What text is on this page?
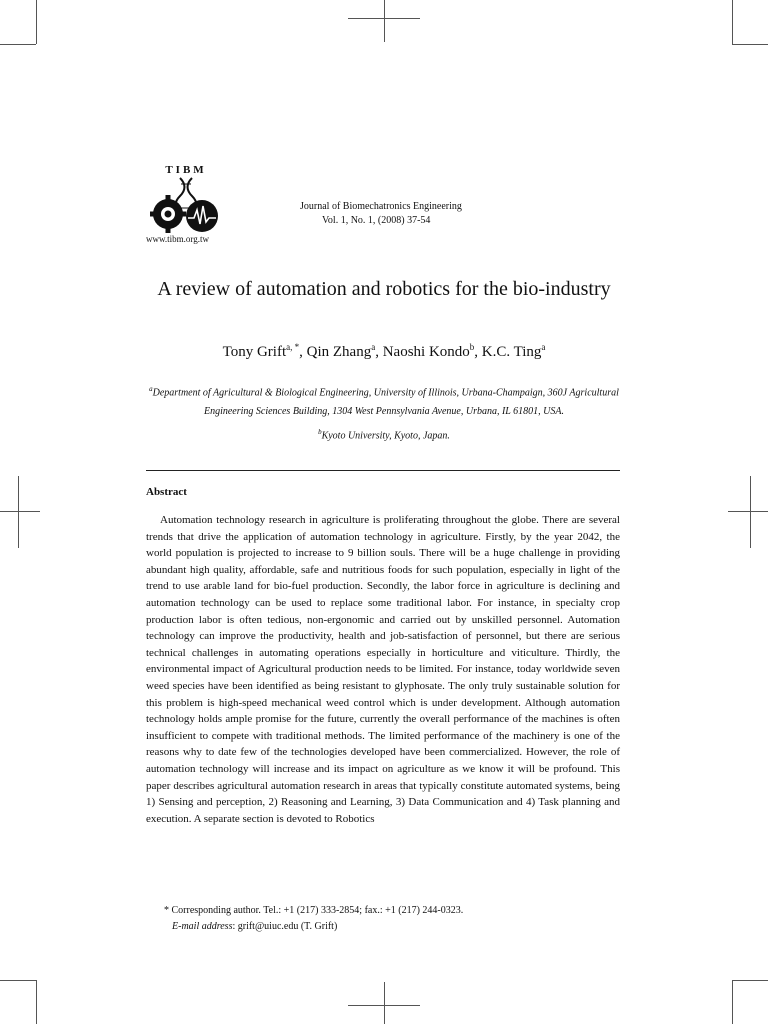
TIBM
www.tibm.org.tw
Journal of Biomechatronics Engineering
Vol. 1, No. 1, (2008) 37-54
A review of automation and robotics for the bio-industry
Tony Grift$^{a, *}$, Qin Zhang$^a$, Naoshi Kondo$^b$, K.C. Ting$^a$
$^a$Department of Agricultural & Biological Engineering, University of Illinois, Urbana-Champaign, 360J Agricultural Engineering Sciences Building, 1304 West Pennsylvania Avenue, Urbana, IL 61801, USA.
$^b$Kyoto University, Kyoto, Japan.
Abstract

Automation technology research in agriculture is proliferating throughout the globe. There are several trends that drive the application of automation technology in agriculture. Firstly, by the year 2042, the world population is projected to increase to 9 billion souls. There will be a huge challenge in providing abundant high quality, affordable, safe and nutritious foods for such population, especially in light of the trend to use arable land for bio-fuel production. Secondly, the labor force in agriculture is declining and automation technology can be used to replace some traditional labor. For instance, in specialty crop production labor is often tedious, non-ergonomic and carried out by unskilled personnel. Automation technology can improve the productivity, health and job-satisfaction of personnel, but there are serious technical challenges in automating operations especially in horticulture and viticulture. Thirdly, the environmental impact of Agricultural production needs to be limited. For instance, today worldwide seven weed species have been identified as being resistant to glyphosate. The only truly sustainable solution for this problem is high-speed mechanical weed control which is under development. Although automation technology holds ample promise for the future, currently the overall performance of the machines is often insufficient to compete with traditional methods. The limited performance of the machinery is one of the reasons why to date few of the technologies developed have been commercialized. However, the role of automation technology will increase and its impact on agriculture as we know it will be profound. This paper describes agricultural automation research in areas that typically constitute automated systems, being 1) Sensing and perception, 2) Reasoning and Learning, 3) Data Communication and 4) Task planning and execution. A separate section is devoted to Robotics

* Corresponding author. Tel.: +1 (217) 333-2854; fax.: +1 (217) 244-0323.
E-mail address: grift@uiuc.edu (T. Grift)
